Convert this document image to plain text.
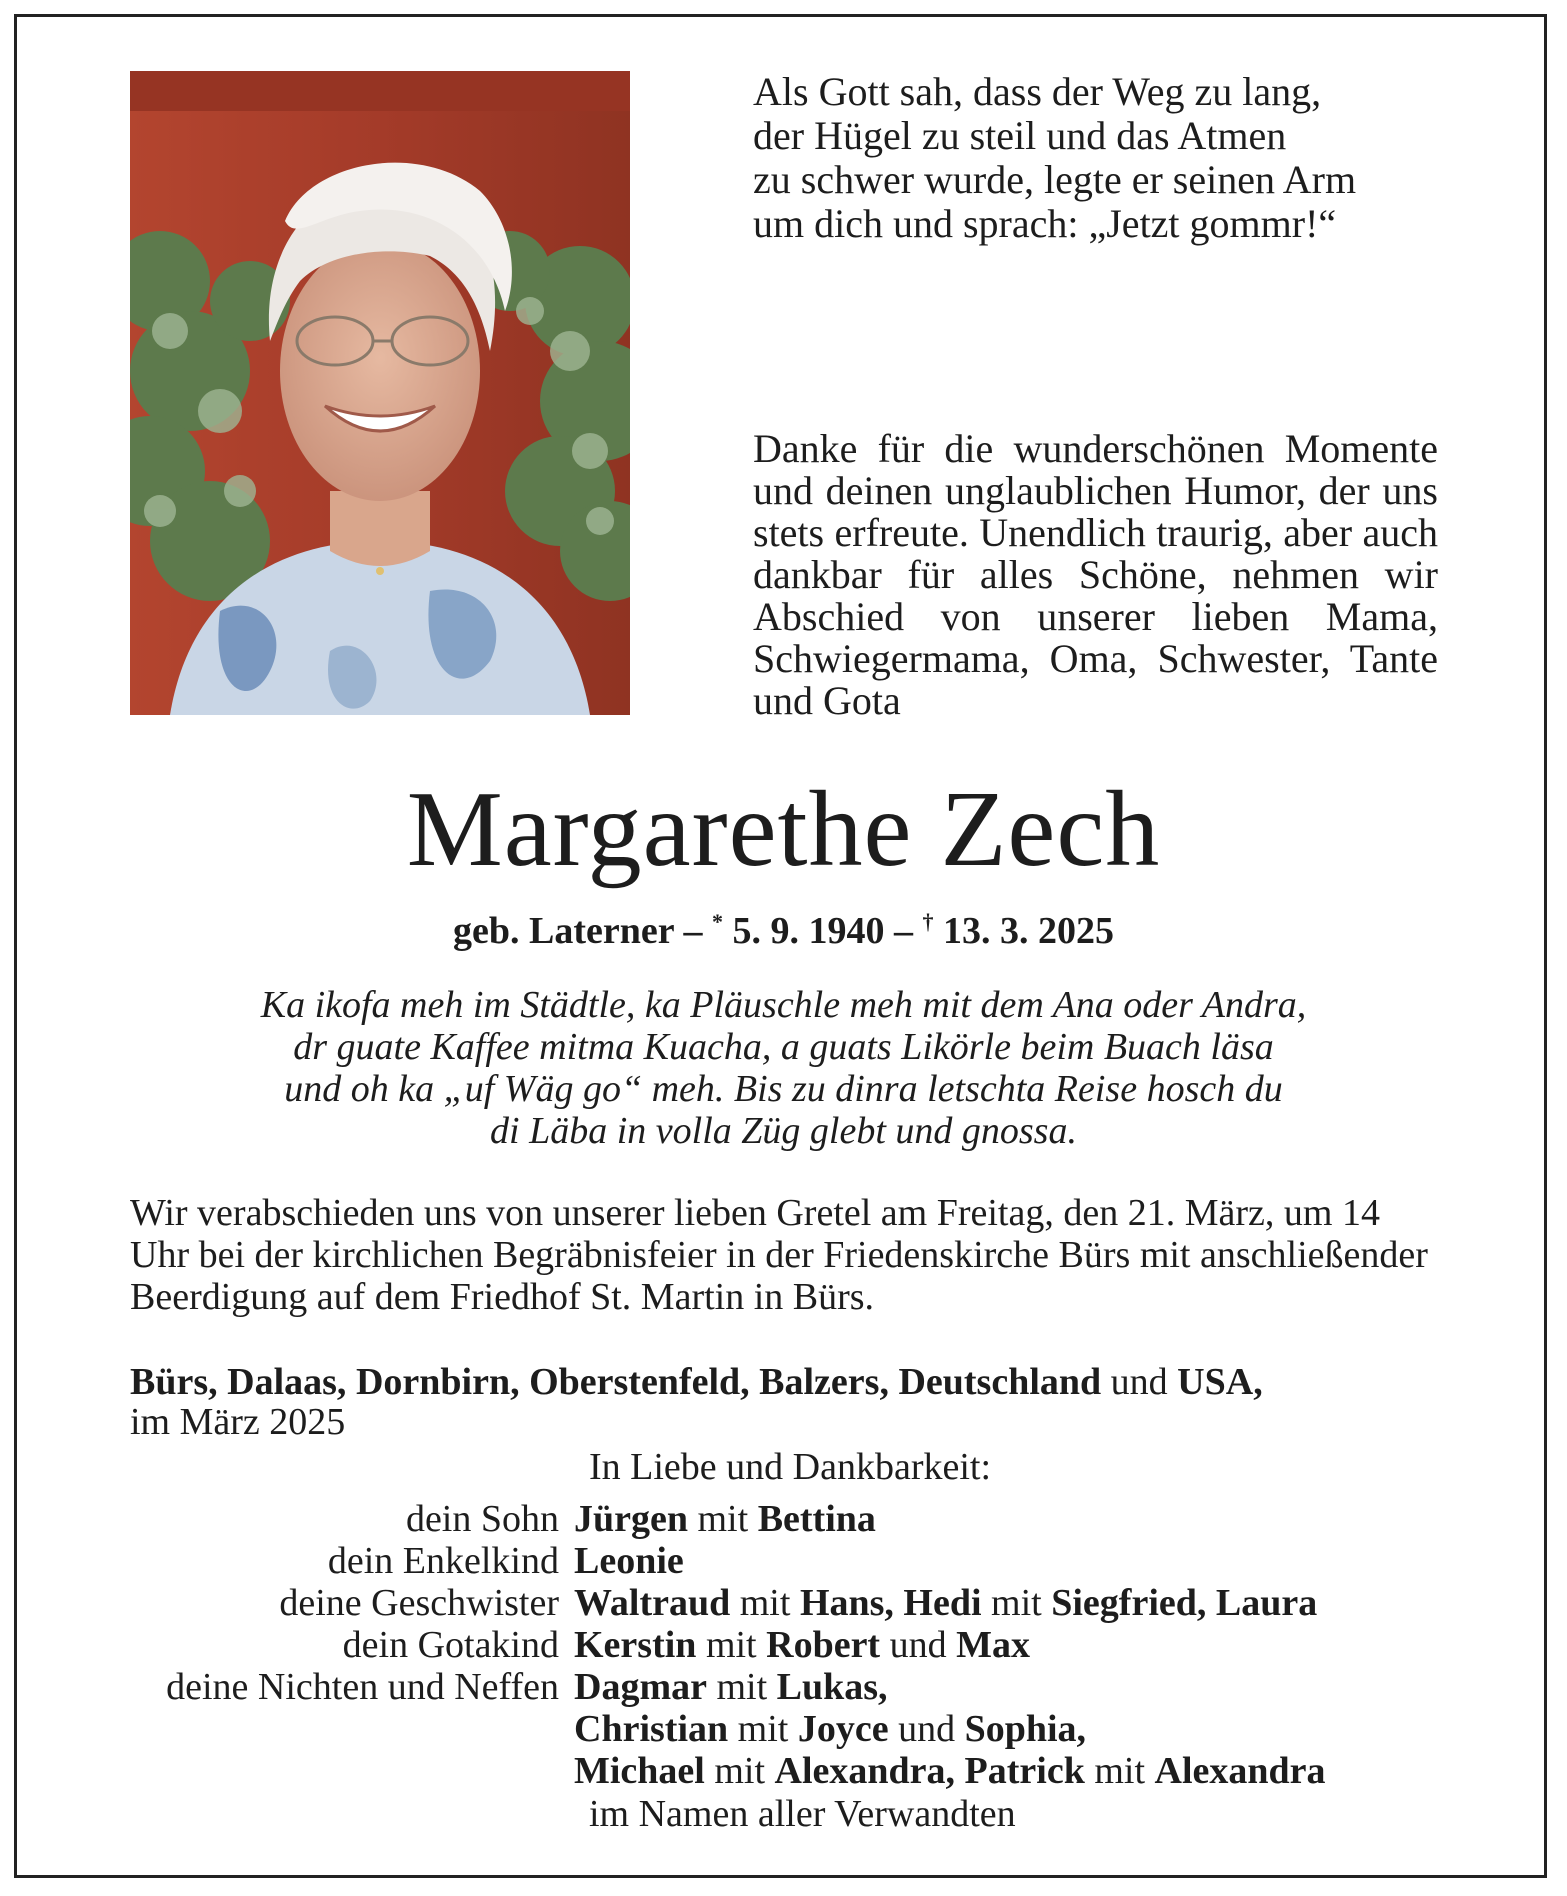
Als Gott sah, dass der Weg zu lang,
der Hügel zu steil und das Atmen
zu schwer wurde, legte er seinen Arm
um dich und sprach: „Jetzt gommr!“
Danke für die wunderschönen Momente und deinen unglaublichen Humor, der uns stets erfreute. Unendlich traurig, aber auch dankbar für alles Schöne, nehmen wir Abschied von unserer lieben Mama, Schwiegermama, Oma, Schwester, Tante und Gota
Margarethe Zech
geb. Laterner – * 5. 9. 1940 – † 13. 3. 2025
Ka ikofa meh im Städtle, ka Pläuschle meh mit dem Ana oder Andra,
dr guate Kaffee mitma Kuacha, a guats Likörle beim Buach läsa
und oh ka „uf Wäg go“ meh. Bis zu dinra letschta Reise hosch du
di Läba in volla Züg glebt und gnossa.
Wir verabschieden uns von unserer lieben Gretel am Freitag, den 21. März, um 14 Uhr bei der kirchlichen Begräbnisfeier in der Friedenskirche Bürs mit anschließender Beerdigung auf dem Friedhof St. Martin in Bürs.
Bürs, Dalaas, Dornbirn, Oberstenfeld, Balzers, Deutschland und USA,
im März 2025
In Liebe und Dankbarkeit:
dein Sohn Jürgen mit Bettina
dein Enkelkind Leonie
deine Geschwister Waltraud mit Hans, Hedi mit Siegfried, Laura
dein Gotakind Kerstin mit Robert und Max
deine Nichten und Neffen Dagmar mit Lukas,
Christian mit Joyce und Sophia,
Michael mit Alexandra, Patrick mit Alexandra
im Namen aller Verwandten
